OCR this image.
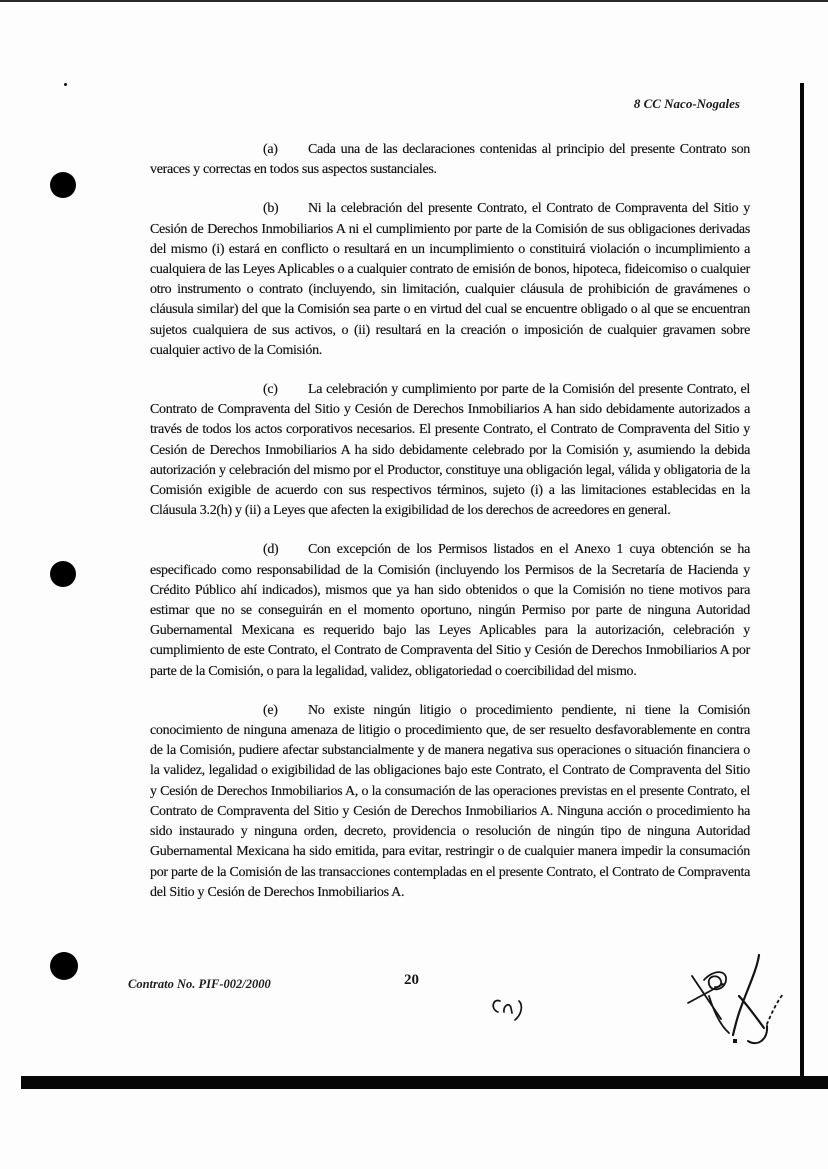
8 CC Naco-Nogales

(a) Cada una de las declaraciones contenidas al principio del presente Contrato son veraces y correctas en todos sus aspectos sustanciales.

(b) Ni la celebración del presente Contrato, el Contrato de Compraventa del Sitio y Cesión de Derechos Inmobiliarios A ni el cumplimiento por parte de la Comisión de sus obligaciones derivadas del mismo (i) estará en conflicto o resultará en un incumplimiento o constituirá violación o incumplimiento a cualquiera de las Leyes Aplicables o a cualquier contrato de emisión de bonos, hipoteca, fideicomiso o cualquier otro instrumento o contrato (incluyendo, sin limitación, cualquier cláusula de prohibición de gravámenes o cláusula similar) del que la Comisión sea parte o en virtud del cual se encuentre obligado o al que se encuentran sujetos cualquiera de sus activos, o (ii) resultará en la creación o imposición de cualquier gravamen sobre cualquier activo de la Comisión.

(c) La celebración y cumplimiento por parte de la Comisión del presente Contrato, el Contrato de Compraventa del Sitio y Cesión de Derechos Inmobiliarios A han sido debidamente autorizados a través de todos los actos corporativos necesarios. El presente Contrato, el Contrato de Compraventa del Sitio y Cesión de Derechos Inmobiliarios A ha sido debidamente celebrado por la Comisión y, asumiendo la debida autorización y celebración del mismo por el Productor, constituye una obligación legal, válida y obligatoria de la Comisión exigible de acuerdo con sus respectivos términos, sujeto (i) a las limitaciones establecidas en la Cláusula 3.2(h) y (ii) a Leyes que afecten la exigibilidad de los derechos de acreedores en general.

(d) Con excepción de los Permisos listados en el Anexo 1 cuya obtención se ha especificado como responsabilidad de la Comisión (incluyendo los Permisos de la Secretaría de Hacienda y Crédito Público ahí indicados), mismos que ya han sido obtenidos o que la Comisión no tiene motivos para estimar que no se conseguirán en el momento oportuno, ningún Permiso por parte de ninguna Autoridad Gubernamental Mexicana es requerido bajo las Leyes Aplicables para la autorización, celebración y cumplimiento de este Contrato, el Contrato de Compraventa del Sitio y Cesión de Derechos Inmobiliarios A por parte de la Comisión, o para la legalidad, validez, obligatoriedad o coercibilidad del mismo.

(e) No existe ningún litigio o procedimiento pendiente, ni tiene la Comisión conocimiento de ninguna amenaza de litigio o procedimiento que, de ser resuelto desfavorablemente en contra de la Comisión, pudiere afectar substancialmente y de manera negativa sus operaciones o situación financiera o la validez, legalidad o exigibilidad de las obligaciones bajo este Contrato, el Contrato de Compraventa del Sitio y Cesión de Derechos Inmobiliarios A, o la consumación de las operaciones previstas en el presente Contrato, el Contrato de Compraventa del Sitio y Cesión de Derechos Inmobiliarios A. Ninguna acción o procedimiento ha sido instaurado y ninguna orden, decreto, providencia o resolución de ningún tipo de ninguna Autoridad Gubernamental Mexicana ha sido emitida, para evitar, restringir o de cualquier manera impedir la consumación por parte de la Comisión de las transacciones contempladas en el presente Contrato, el Contrato de Compraventa del Sitio y Cesión de Derechos Inmobiliarios A.

Contrato No. PIF-002/2000	20
